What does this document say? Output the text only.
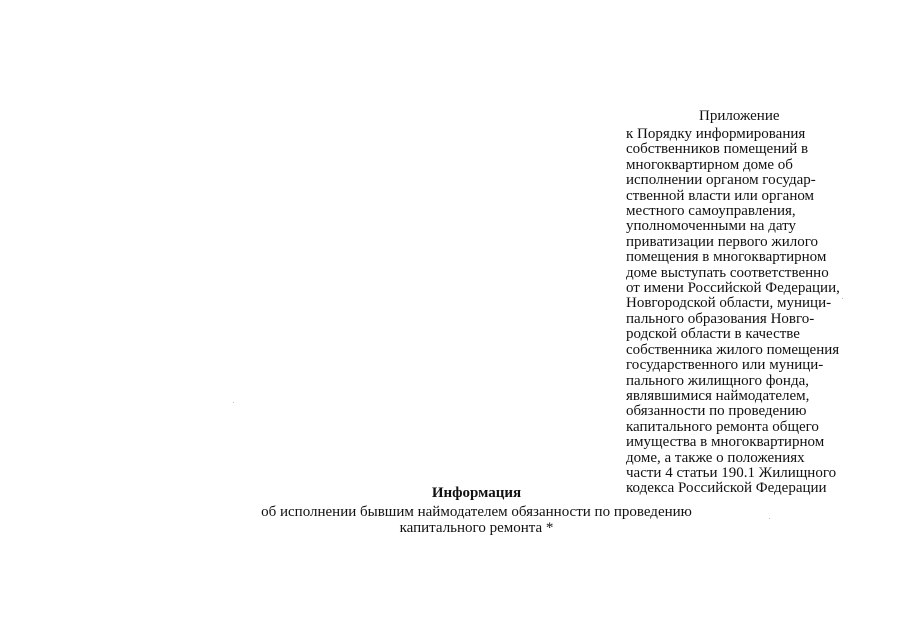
Приложение
к Порядку информирования
собственников помещений в
многоквартирном доме об
исполнении органом государ-
ственной власти или органом
местного самоуправления,
уполномоченными на дату
приватизации первого жилого
помещения в многоквартирном
доме выступать соответственно
от имени Российской Федерации,
Новгородской области, муници-
пального образования Новго-
родской области в качестве
собственника жилого помещения
государственного или муници-
пального жилищного фонда,
являвшимися наймодателем,
обязанности по проведению
капитального ремонта общего
имущества в многоквартирном
доме, а также о положениях
части 4 статьи 190.1 Жилищного
кодекса Российской Федерации
Информация
об исполнении бывшим наймодателем обязанности по проведению
капитального ремонта *
